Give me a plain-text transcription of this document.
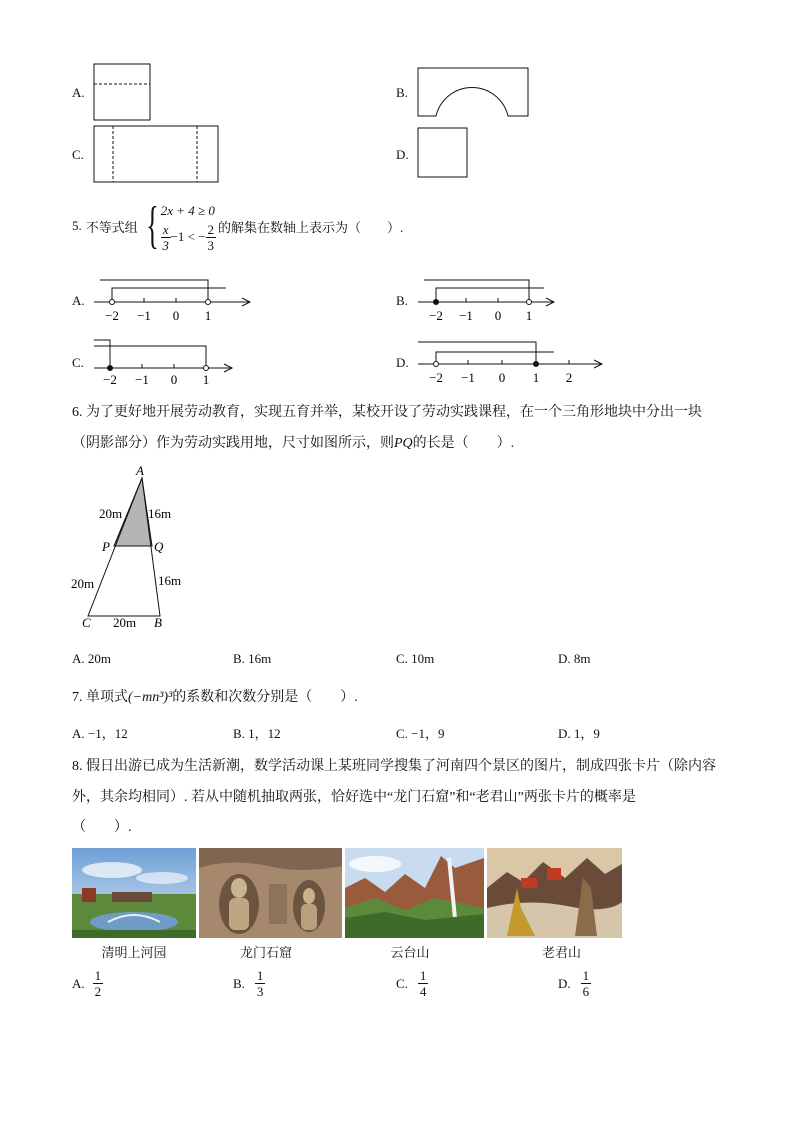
A.	B.
C.	D.
5. 不等式组 { 2x + 4 ≥ 0
$\frac{x}{3} -1$ < − $\frac{2}{3}$ 的解集在数轴上表示为（　　）.
A.
−2 −1 0 1
B.
−2 −1 0 1
C.
−2 −1 0 1
D.
−2 −1 0 1 2
6. 为了更好地开展劳动教育，实现五育并举，某校开设了劳动实践课程，在一个三角形地块中分出一块
（阴影部分）作为劳动实践用地，尺寸如图所示，则PQ的长是（　　）.
A
P	Q
C	B
20m 16m
20m	16m
20m
A. 20m	B. 16m	C. 10m	D. 8m
7. 单项式(−mn³)³的系数和次数分别是（　　）.
A. −1，12	B. 1，12	C. −1，9	D. 1，9
8. 假日出游已成为生活新潮，数学活动课上某班同学搜集了河南四个景区的图片，制成四张卡片（除内容
外，其余均相同）. 若从中随机抽取两张，恰好选中“龙门石窟”和“老君山”两张卡片的概率是
（　　）.
清明上河园	龙门石窟	云台山	老君山
A. $\frac{1}{2}$	B. $\frac{1}{3}$	C. $\frac{1}{4}$	D. $\frac{1}{6}$
